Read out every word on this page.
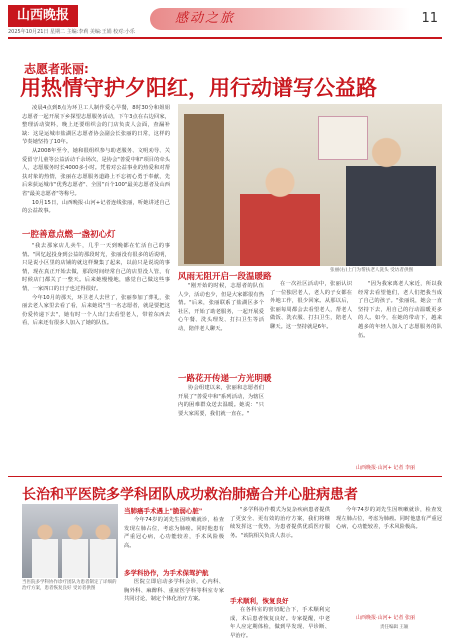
山西晚报
2025年10月21日 星期二 主编:李莉 美编:王娟 校对:小乐
感动之旅	11
志愿者张丽:
用热情守护夕阳红，用行动谱写公益路

凌晨4点到8点为环卫工人制作爱心早餐，8时30分和姐姐志愿者一起开展下乡探望志愿服务活动，下午3点在右边回家，整理活动资料，晚上还要组织会的门店负责人会面，查漏补缺：这是运城市盐湖区志愿者协会副会长张丽的日常，这样的节奏她坚持了10年。

从2008年至今，她和很组织参与助老服务、文明劝导、关爱留守儿童等公益活动千余场次，是协会"善爱中和"项目的牵头人，志愿服务时长4000多小时。凭着对公益事业的热爱和对帮扶对象的热情，张丽在志愿服务道路上不忘初心勇于奉献，先后荣获运城市"优秀志愿者"、全国"百个100"最美志愿者及山西省"最美志愿者"等称号。

10月15日，山西晚报·山河+记者连线张丽，听她讲述自己的公益故事。

张丽(右)上门为帮扶老人洗头 受访者供图
一腔善意点燃一盏初心灯

"我去那家店儿卖牛，几乎一天到晚都在忙活自己的事情。"回忆起投身到公益的那段时光，张丽没有很多的话说明，只是说小区里的店铺的就这样聚集了起来，以前只是说说的事情，现在真正开始去做，那段时间经常自己的店里没人管，有时候店门都关了一整天。后来她慢慢地，感觉自己做这些事情，一家四口的日子也过得很好。

今年10月的那天，环卫老人去世了，张丽参加了葬礼，张丽去老人家里去看了看，后来她说"当一名志愿者，就是要把这份爱传递下去"，她有时一个人出门去看望老人，带着东西去看，后来还有很多人加入了她的队伍。

风雨无阻开启一段温暖路

"刚开始的时候，志愿者的队伍人少，活动也少，但是大家都很有热情。"后来，张丽联系了盐湖区多个社区，开始了助老服务，一起开展爱心午餐、洗头理发、打扫卫生等活动，陪伴老人聊天。

在一次社区活动中，张丽认识了一位独居老人，老人的子女都在外地工作，很少回家。从那以后，张丽每周都会去看望老人，帮老人做饭、洗衣服、打扫卫生，陪老人聊天。这一坚持就是6年。

一路花开传递一方光明暖

协会组建以来，张丽和志愿者们开展了"善爱中和"系列活动，为辖区内的困难群众送去温暖。她说："只要大家需要，我们就一直在。"

"因为我家离老人家近，所以我经常去看望他们，老人们把我当成了自己的孩子。"张丽说，她会一直坚持下去，用自己的行动温暖更多的人。如今，在她的带动下，越来越多的年轻人加入了志愿服务的队伍。

山西晚报·山河+ 记者 李丽
长治和平医院多学科团队成功救治肺癌合并心脏病患者
当医院多学科协作诊疗团队为患者制定了详细的治疗方案，患者恢复良好 受访者供图
当肺癌手术遇上"脆弱心脏"

今年74岁的刘先生因咳嗽就诊，检查发现左肺占位，考虑为肺癌。同时他患有严重冠心病，心功能较差，手术风险极高。

多学科协作，为手术保驾护航

医院立即启动多学科会诊，心内科、胸外科、麻醉科、重症医学科等科室专家共同讨论，制定个体化治疗方案。

"多学科协作模式为复杂疾病患者提供了更安全、更有效的治疗方案，我们将继续发挥这一优势，为患者提供优质医疗服务。"该院相关负责人表示。

手术顺利，恢复良好

在各科室的密切配合下，手术顺利完成，术后患者恢复良好。专家提醒，中老年人应定期体检，做到早发现、早诊断、早治疗。

今年74岁的刘先生因咳嗽就诊，检查发现左肺占位，考虑为肺癌。同时他患有严重冠心病，心功能较差，手术风险极高。

山西晚报·山河+ 记者 张丽
责任编辑 王颖
